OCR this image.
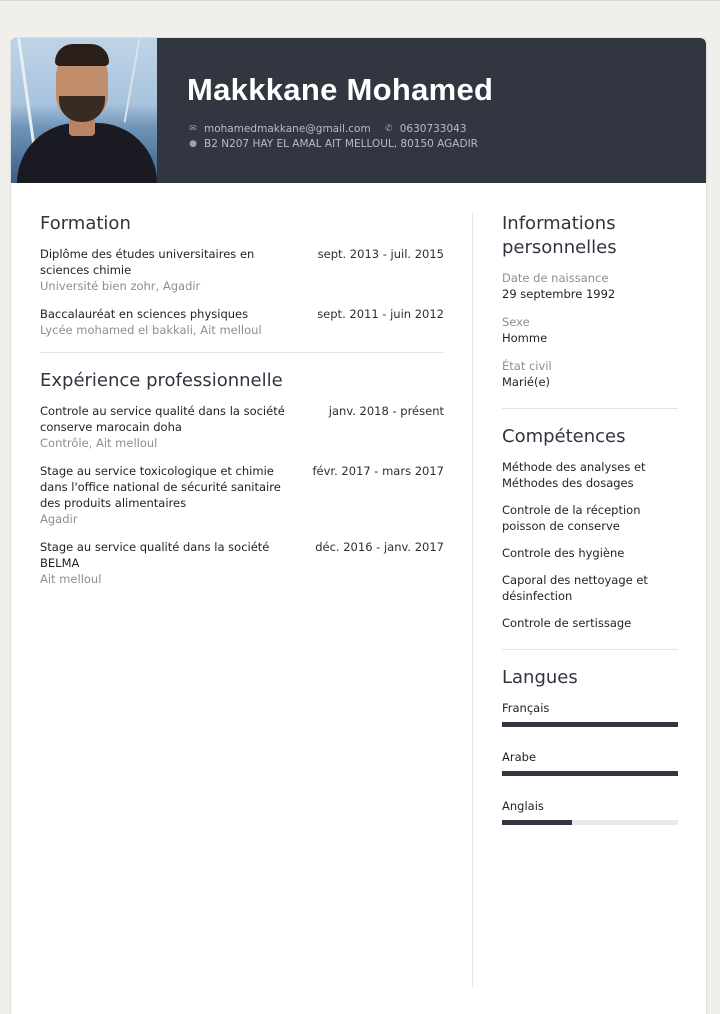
Makkkane Mohamed
✉ mohamedmakkane@gmail.com ✆ 0630733043
● B2 N207 HAY EL AMAL AIT MELLOUL, 80150 AGADIR
Formation
Diplôme des études universitaires en sciences chimie
Université bien zohr, Agadir
sept. 2013 - juil. 2015
Baccalauréat en sciences physiques
Lycée mohamed el bakkali, Ait melloul
sept. 2011 - juin 2012
Expérience professionnelle
Controle au service qualité dans la société conserve marocain doha
Contrôle, Ait melloul
janv. 2018 - présent
Stage au service toxicologique et chimie dans l'office national de sécurité sanitaire des produits alimentaires
Agadir
févr. 2017 - mars 2017
Stage au service qualité dans la société BELMA
Ait melloul
déc. 2016 - janv. 2017
Informations personnelles
Date de naissance
29 septembre 1992
Sexe
Homme
État civil
Marié(e)
Compétences
Méthode des analyses et Méthodes des dosages
Controle de la réception poisson de conserve
Controle des hygiène
Caporal des nettoyage et désinfection
Controle de sertissage
Langues
Français
Arabe
Anglais
